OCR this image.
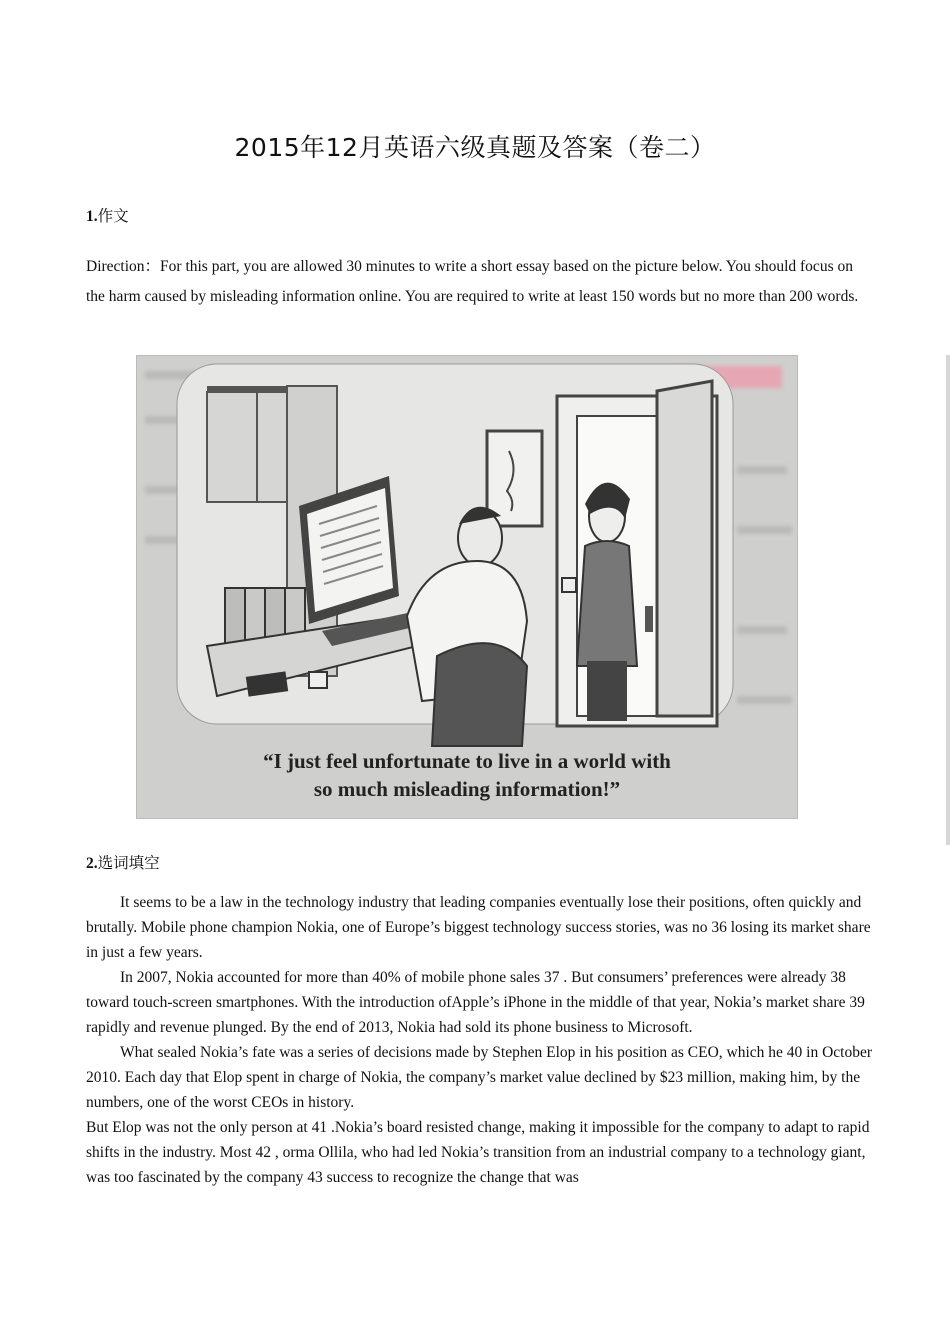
2015年12月英语六级真题及答案（卷二）
1.作文
Direction：For this part, you are allowed 30 minutes to write a short essay based on the picture below. You should focus on the harm caused by misleading information online. You are required to write at least 150 words but no more than 200 words.
“I just feel unfortunate to live in a world with
so much misleading information!”
2.选词填空

It seems to be a law in the technology industry that leading companies eventually lose their positions, often quickly and brutally. Mobile phone champion Nokia, one of Europe’s biggest technology success stories, was no 36 losing its market share in just a few years.

In 2007, Nokia accounted for more than 40% of mobile phone sales 37 . But consumers’ preferences were already 38 toward touch-screen smartphones. With the introduction ofApple’s iPhone in the middle of that year, Nokia’s market share 39 rapidly and revenue plunged. By the end of 2013, Nokia had sold its phone business to Microsoft.

What sealed Nokia’s fate was a series of decisions made by Stephen Elop in his position as CEO, which he 40 in October 2010. Each day that Elop spent in charge of Nokia, the company’s market value declined by $23 million, making him, by the numbers, one of the worst CEOs in history.

But Elop was not the only person at 41 .Nokia’s board resisted change, making it impossible for the company to adapt to rapid shifts in the industry. Most 42 , orma Ollila, who had led Nokia’s transition from an industrial company to a technology giant, was too fascinated by the company 43 success to recognize the change that was
